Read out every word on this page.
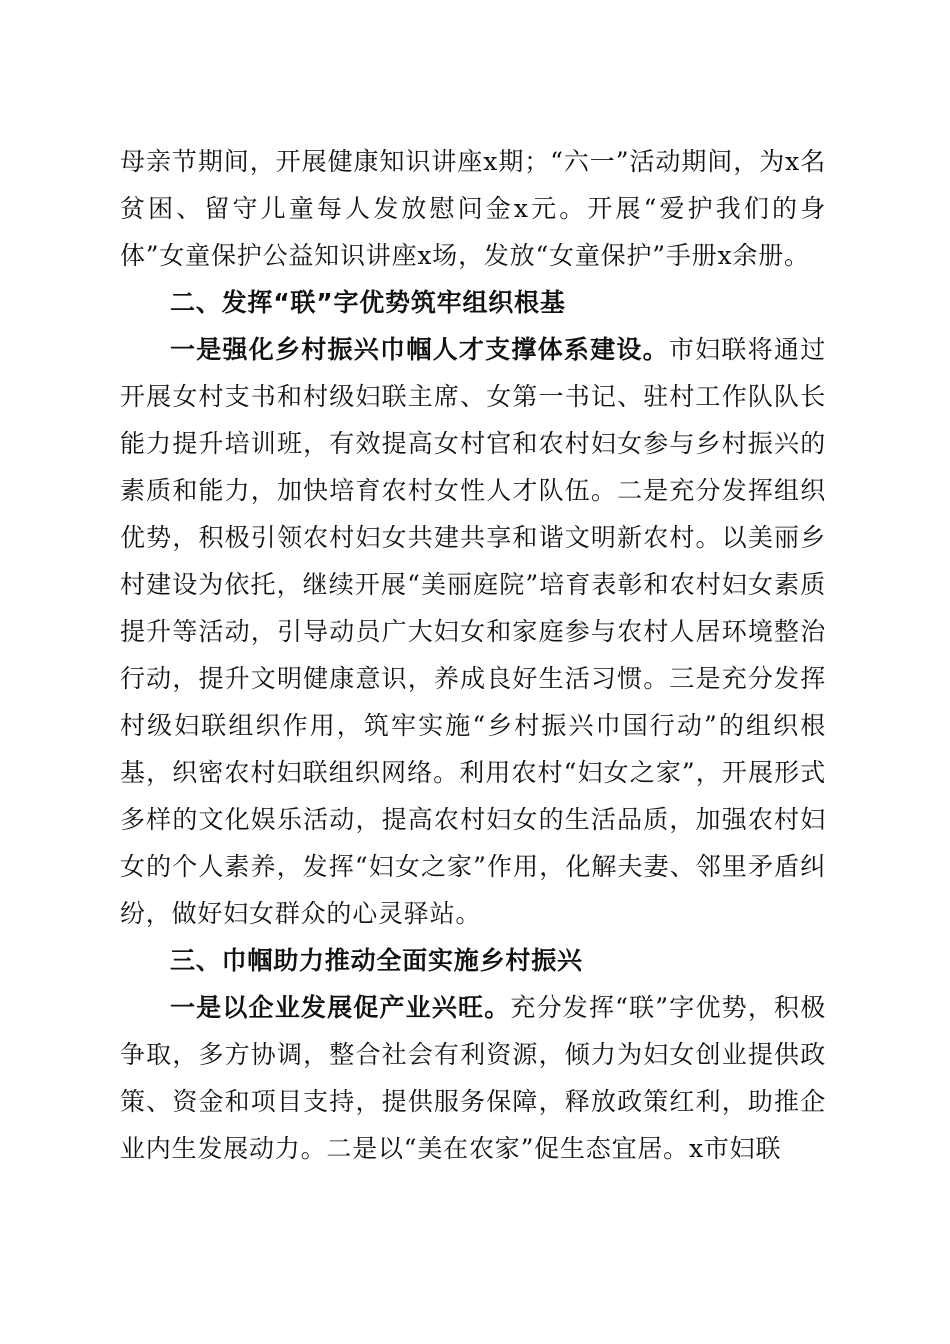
母亲节期间，开展健康知识讲座x期；“六一”活动期间，为x名贫困、留守儿童每人发放慰问金x元。开展“爱护我们的身体”女童保护公益知识讲座x场，发放“女童保护”手册x余册。

二、发挥“联”字优势筑牢组织根基

一是强化乡村振兴巾帼人才支撑体系建设。市妇联将通过开展女村支书和村级妇联主席、女第一书记、驻村工作队队长能力提升培训班，有效提高女村官和农村妇女参与乡村振兴的素质和能力，加快培育农村女性人才队伍。二是充分发挥组织优势，积极引领农村妇女共建共享和谐文明新农村。以美丽乡村建设为依托，继续开展“美丽庭院”培育表彰和农村妇女素质提升等活动，引导动员广大妇女和家庭参与农村人居环境整治行动，提升文明健康意识，养成良好生活习惯。三是充分发挥村级妇联组织作用，筑牢实施“乡村振兴巾国行动”的组织根基，织密农村妇联组织网络。利用农村“妇女之家”，开展形式多样的文化娱乐活动，提高农村妇女的生活品质，加强农村妇女的个人素养，发挥“妇女之家”作用，化解夫妻、邻里矛盾纠纷，做好妇女群众的心灵驿站。

三、巾帼助力推动全面实施乡村振兴

一是以企业发展促产业兴旺。充分发挥“联”字优势，积极争取，多方协调，整合社会有利资源，倾力为妇女创业提供政策、资金和项目支持，提供服务保障，释放政策红利，助推企业内生发展动力。二是以“美在农家”促生态宜居。x市妇联
